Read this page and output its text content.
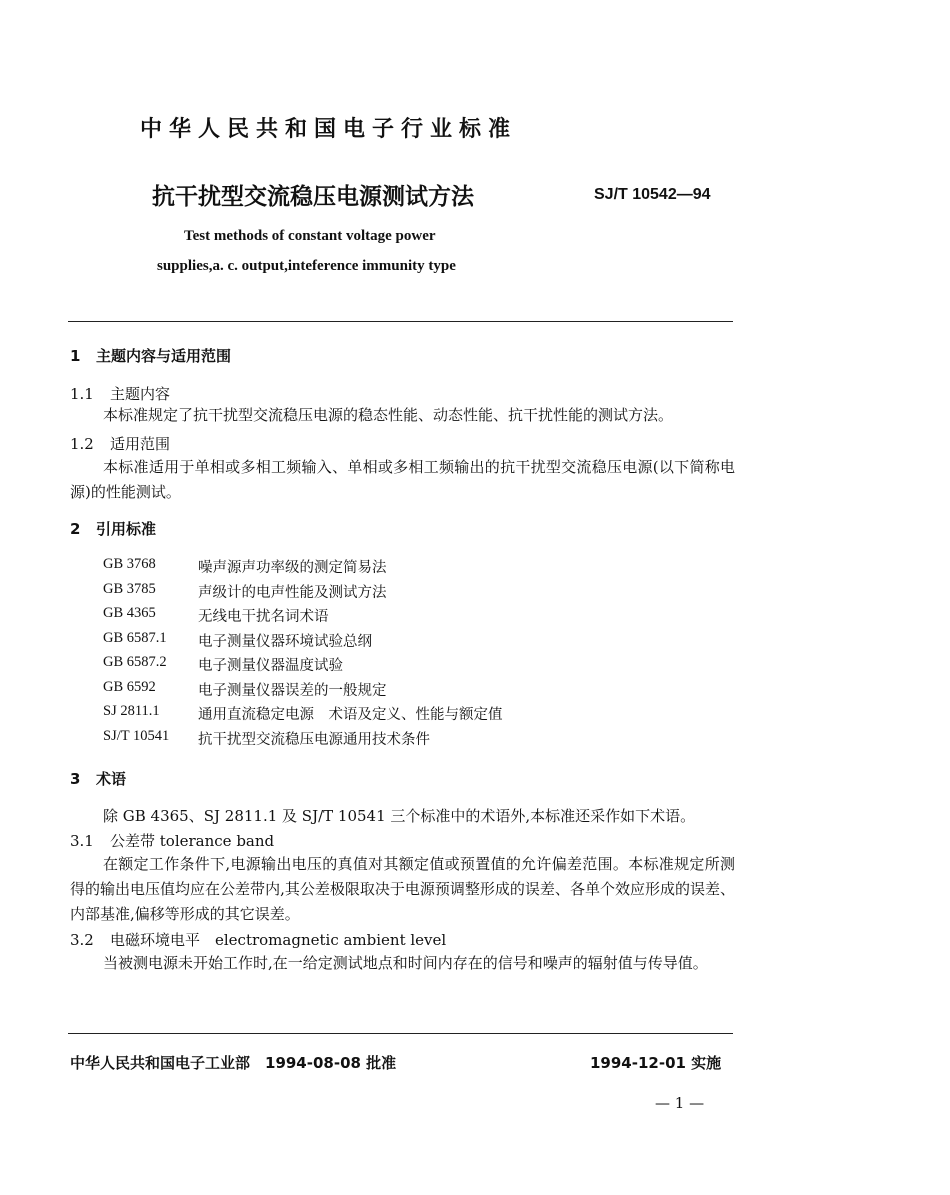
中华人民共和国电子行业标准
抗干扰型交流稳压电源测试方法	SJ/T 10542—94
Test methods of constant voltage power
supplies,a. c. output,inteference immunity type
1 主题内容与适用范围
1.1 主题内容
本标准规定了抗干扰型交流稳压电源的稳态性能、动态性能、抗干扰性能的测试方法。
1.2 适用范围
本标准适用于单相或多相工频输入、单相或多相工频输出的抗干扰型交流稳压电源(以下简称电源)的性能测试。
2 引用标准
GB 3768	噪声源声功率级的测定简易法
GB 3785	声级计的电声性能及测试方法
GB 4365	无线电干扰名词术语
GB 6587.1	电子测量仪器环境试验总纲
GB 6587.2	电子测量仪器温度试验
GB 6592	电子测量仪器误差的一般规定
SJ 2811.1	通用直流稳定电源　术语及定义、性能与额定值
SJ/T 10541	抗干扰型交流稳压电源通用技术条件
3 术语
除 GB 4365、SJ 2811.1 及 SJ/T 10541 三个标准中的术语外,本标准还采作如下术语。
3.1 公差带 tolerance band
在额定工作条件下,电源输出电压的真值对其额定值或预置值的允许偏差范围。本标准规定所测得的输出电压值均应在公差带内,其公差极限取决于电源预调整形成的误差、各单个效应形成的误差、内部基准,偏移等形成的其它误差。
3.2 电磁环境电平　electromagnetic ambient level
当被测电源未开始工作时,在一给定测试地点和时间内存在的信号和噪声的辐射值与传导值。
中华人民共和国电子工业部　1994-08-08 批准	1994-12-01 实施
— 1 —
